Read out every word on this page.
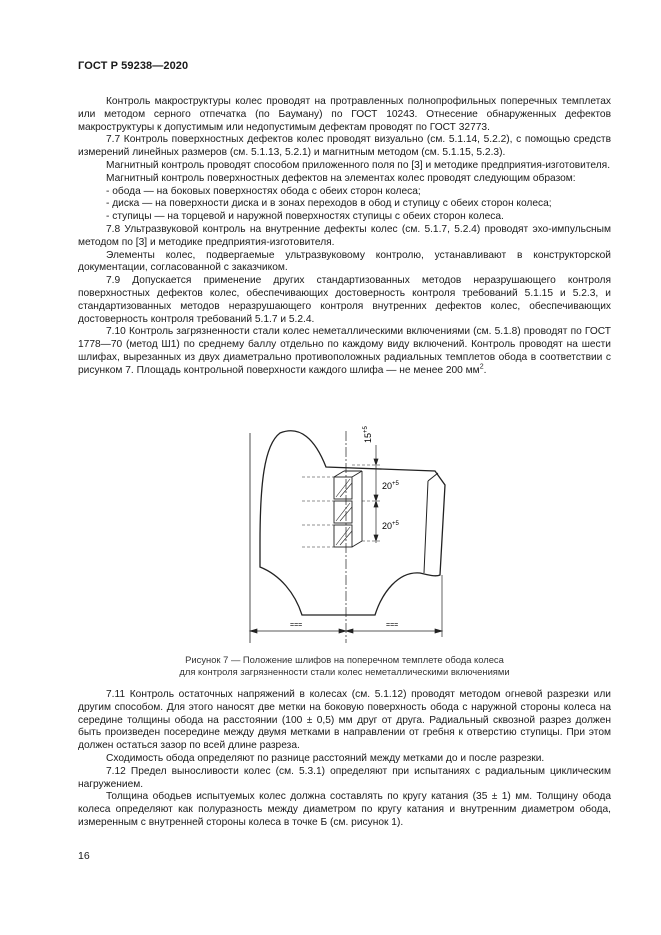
ГОСТ Р 59238—2020

Контроль макроструктуры колес проводят на протравленных полнопрофильных поперечных темплетах или методом серного отпечатка (по Бауману) по ГОСТ 10243. Отнесение обнаруженных дефектов макроструктуры к допустимым или недопустимым дефектам проводят по ГОСТ 32773.

7.7 Контроль поверхностных дефектов колес проводят визуально (см. 5.1.14, 5.2.2), с помощью средств измерений линейных размеров (см. 5.1.13, 5.2.1) и магнитным методом (см. 5.1.15, 5.2.3).

Магнитный контроль проводят способом приложенного поля по [3] и методике предприятия-изготовителя.

Магнитный контроль поверхностных дефектов на элементах колес проводят следующим образом:

- обода — на боковых поверхностях обода с обеих сторон колеса;

- диска — на поверхности диска и в зонах переходов в обод и ступицу с обеих сторон колеса;

- ступицы — на торцевой и наружной поверхностях ступицы с обеих сторон колеса.

7.8 Ультразвуковой контроль на внутренние дефекты колес (см. 5.1.7, 5.2.4) проводят эхо-импульсным методом по [3] и методике предприятия-изготовителя.

Элементы колес, подвергаемые ультразвуковому контролю, устанавливают в конструкторской документации, согласованной с заказчиком.

7.9 Допускается применение других стандартизованных методов неразрушающего контроля поверхностных дефектов колес, обеспечивающих достоверность контроля требований 5.1.15 и 5.2.3, и стандартизованных методов неразрушающего контроля внутренних дефектов колес, обеспечивающих достоверность контроля требований 5.1.7 и 5.2.4.

7.10 Контроль загрязненности стали колес неметаллическими включениями (см. 5.1.8) проводят по ГОСТ 1778—70 (метод Ш1) по среднему баллу отдельно по каждому виду включений. Контроль проводят на шести шлифах, вырезанных из двух диаметрально противоположных радиальных темплетов обода в соответствии с рисунком 7. Площадь контрольной поверхности каждого шлифа — не менее 200 $мм^2$.

$15^{+5}$
$20^{+5}$
$20^{+5}$
===	===
Рисунок 7 — Положение шлифов на поперечном темплете обода колеса
для контроля загрязненности стали колес неметаллическими включениями

7.11 Контроль остаточных напряжений в колесах (см. 5.1.12) проводят методом огневой разрезки или другим способом. Для этого наносят две метки на боковую поверхность обода с наружной стороны колеса на середине толщины обода на расстоянии (100 ± 0,5) мм друг от друга. Радиальный сквозной разрез должен быть произведен посередине между двумя метками в направлении от гребня к отверстию ступицы. При этом должен остаться зазор по всей длине разреза.

Сходимость обода определяют по разнице расстояний между метками до и после разрезки.

7.12 Предел выносливости колес (см. 5.3.1) определяют при испытаниях с радиальным циклическим нагружением.

Толщина ободьев испытуемых колес должна составлять по кругу катания (35 ± 1) мм. Толщину обода колеса определяют как полуразность между диаметром по кругу катания и внутренним диаметром обода, измеренным с внутренней стороны колеса в точке Б (см. рисунок 1).

16
